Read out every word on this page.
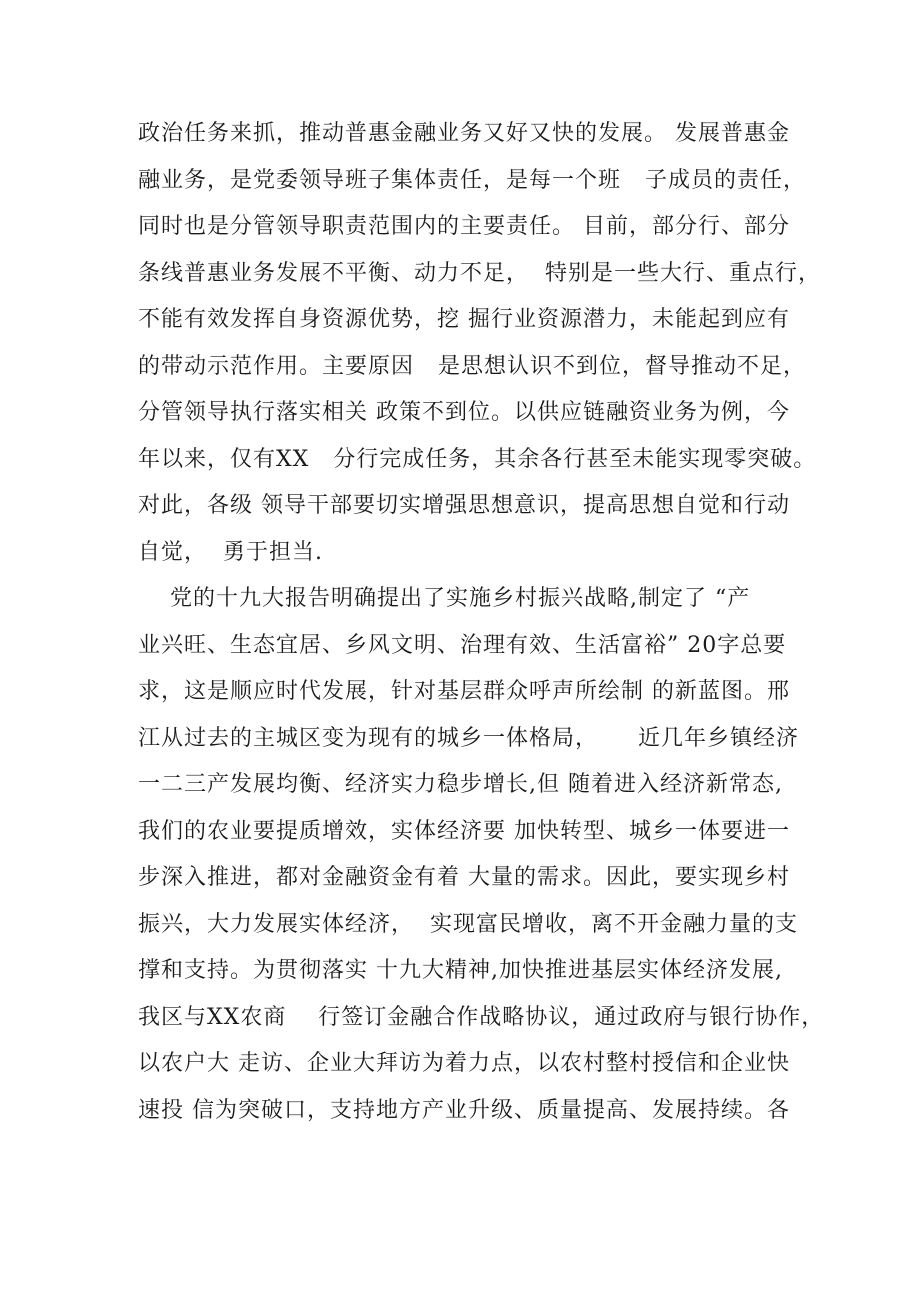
政治任务来抓，推动普惠金融业务又好又快的发展。 发展普惠金
融业务，是党委领导班子集体责任，是每一个班   子成员的责任，
同时也是分管领导职责范围内的主要责任。 目前，部分行、部分
条线普惠业务发展不平衡、动力不足，  特别是一些大行、重点行，
不能有效发挥自身资源优势，挖 掘行业资源潜力，未能起到应有
的带动示范作用。主要原因   是思想认识不到位，督导推动不足，
分管领导执行落实相关 政策不到位。以供应链融资业务为例，今
年以来，仅有XX   分行完成任务，其余各行甚至未能实现零突破。
对此，各级 领导干部要切实增强思想意识，提高思想自觉和行动
自觉，  勇于担当.
党的十九大报告明确提出了实施乡村振兴战略,制定了 “产
业兴旺、生态宜居、乡风文明、治理有效、生活富裕” 20字总要
求，这是顺应时代发展，针对基层群众呼声所绘制 的新蓝图。邢
江从过去的主城区变为现有的城乡一体格局，     近几年乡镇经济
一二三产发展均衡、经济实力稳步增长,但 随着进入经济新常态,
我们的农业要提质增效，实体经济要 加快转型、城乡一体要进一
步深入推进，都对金融资金有着 大量的需求。因此，要实现乡村
振兴，大力发展实体经济，  实现富民增收，离不开金融力量的支
撑和支持。为贯彻落实 十九大精神,加快推进基层实体经济发展,
我区与XX农商    行签订金融合作战略协议，通过政府与银行协作，
以农户大 走访、企业大拜访为着力点，以农村整村授信和企业快
速投 信为突破口，支持地方产业升级、质量提高、发展持续。各
